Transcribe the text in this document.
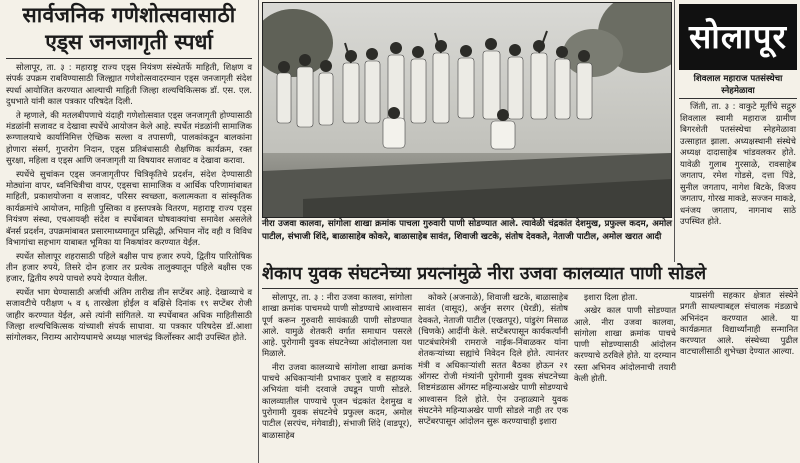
सार्वजनिक गणेशोत्सवासाठी
एड्स जनजागृती स्पर्धा

सोलापूर, ता. ३ : महाराष्ट्र राज्य एड्स नियंत्रण संस्थेतर्फे माहिती, शिक्षण व संपर्क उपक्रम राबविण्यासाठी जिल्ह्यात गणेशोत्सवादरम्यान एड्स जनजागृती संदेश स्पर्धा आयोजित करण्यात आल्याची माहिती जिल्हा शल्यचिकित्सक डॉ. एस. एल. दुधभाते यांनी काल पत्रकार परिषदेत दिली.

ते म्हणाले, की मतलबीपणाचे यंदाही गणेशोत्सवात एड्स जनजागृती होण्यासाठी मंडळांनी सजावट व देखावा स्पर्धेचे आयोजन केले आहे. स्पर्धेत मंडळांनी सामाजिक रूग्णालयाचे कार्यानिमित्त ऐच्छिक सल्ला व तपासणी, पालकांकडून बालकांना होणारा संसर्ग, गुप्तरोग निदान, एड्स प्रतिबंधासाठी शैक्षणिक कार्यक्रम, रक्त सुरक्षा, महिला व एड्स आणि जनजागृती या विषयावर सजावट व देखावा करावा.

स्पर्धेचे सुचांकन एड्स जनजागृतीपर चित्रिकृतिचे प्रदर्शन, संदेश देण्यासाठी मोठ्यांना वापर, ध्वनिचित्रीचा वापर, एड्सचा सामाजिक व आर्थिक परिणामांबाबत माहिती, प्रकाशयोजना व सजावट, परिसर स्वच्छता, कलात्मकता व सांस्कृतिक कार्यक्रमांचे आयोजन, माहिती पुस्तिका व हस्तपत्रके वितरण, महाराष्ट्र राज्य एड्स नियंत्रण संस्था, एचआयव्ही संदेश व स्पर्धेबाबत घोषवाक्यांचा समावेश असलेले बॅनर्स प्रदर्शन, उपक्रमांबाबत प्रसारमाध्यमातून प्रसिद्धी, अभियान नोंद वही व विविध विभागांचा सहभाग याबाबत भूमिका या निकषांवर करण्यात येईल.

स्पर्धेत सोलापूर शहरासाठी पहिले बक्षीस पाच हजार रुपये, द्वितीय पारितोषिक तीन हजार रुपये, तिसरे दोन हजार तर प्रत्येक तालुक्यातून पहिले बक्षीस एक हजार, द्वितीय रुपये पाचशे रुपये देण्यात येतील.

स्पर्धेत भाग घेण्यासाठी अर्जाची अंतिम तारीख तीन सप्टेंबर आहे. देखाव्याचे व सजावटीचे परीक्षण ५ व ६ तारखेला होईल व बक्षिसे दिनांक १९ सप्टेंबर रोजी जाहीर करण्यात येईल, असे त्यांनी सांगितले. या स्पर्धेबाबत अधिक माहितीसाठी जिल्हा शल्यचिकित्सक यांच्याशी संपर्क साधावा. या पत्रकार परिषदेस डॉ.आशा सांगोलकर, निराम्य आरोग्यधामचे अध्यक्ष भालचंद्र किर्लोस्कर आदी उपस्थित होते.

नीरा उजवा कालवा, सांगोला शाखा क्रमांक पाचला गुरुवारी पाणी सोडण्यात आले. त्यावेळी चंद्रकांत देशमुख, प्रफुल्ल कदम, अमोल पाटील, संभाजी शिंदे, बाळासाहेब कोकरे, बाळासाहेब सावंत, शिवाजी खटके, संतोष देवकते, नेताजी पाटील, अमोल खरात आदी
शेकाप युवक संघटनेच्या प्रयत्नांमुळे नीरा उजवा कालव्यात पाणी सोडले

सोलापूर, ता. ३ : नीरा उजवा कालवा, सांगोला शाखा क्रमांक पाचमध्ये पाणी सोडण्याचे आश्वासन पूर्ण करून गुरुवारी सायंकाळी पाणी सोडण्यात आले. यामुळे शेतकरी वर्गात समाधान पसरले आहे. पुरोगामी युवक संघटनेच्या आंदोलनाला यश मिळाले.

नीरा उजवा कालव्याचे सांगोला शाखा क्रमांक पाचचे अधिकार्‍यांनी प्रभाकर पुजारे व सहाय्यक अभियंता यांनी दरवाजे उघडून पाणी सोडले. कालव्यातील पाण्याचे पूजन चंद्रकांत देशमुख व पुरोगामी युवक संघटनेचे प्रफुल्ल कदम, अमोल पाटील (सरपंच, मंगेवाडी), संभाजी शिंदे (वाडपूर), बाळासाहेब

कोकरे (अजनाळे), शिवाजी खटके, बाळासाहेब सावंत (वासूद), अर्जुन सरगर (घेरडी), संतोष देवकते, नेताजी पाटील (एखतपूर), पांडुरंग मिसाळ (चिणके) आदींनी केले. सप्टेंबरपासून कार्यकर्त्यांनी पाटबंधारेमंत्री रामराजे नाईक-निंबाळकर यांना शेतकऱ्यांच्या सह्यांचे निवेदन दिले होते. त्यानंतर मंत्री व अधिकाऱ्यांशी सतत बैठका होऊन २१ ऑगस्ट रोजी मंत्र्यांनी पुरोगामी युवक संघटनेच्या शिष्टमंडळास ऑगस्ट महिन्याअखेर पाणी सोडण्याचे आश्वासन दिले होते. ऐन उन्हाळ्याने युवक संघटनेने महिन्याअखेर पाणी सोडले नाही तर एक सप्टेंबरपासून आंदोलन सुरू करण्याचाही इशारा

इशारा दिला होता.

अखेर काल पाणी सोडण्यात आले. नीरा उजवा कालवा, सांगोला शाखा क्रमांक पाचचे पाणी सोडण्यासाठी आंदोलन करण्याचे ठरविले होते. या दरम्यान रस्ता अभिनव आंदोलनाची तयारी केली होती.

सोलापूर
शिवलाल महाराज पतसंस्थेचा स्नेहमेळावा

जिंती, ता. ३ : वाकुटे मूर्तीचे सद्गुरु शिवलाल स्वामी महाराज ग्रामीण बिगरशेती पतसंस्थेचा स्नेहमेळावा उत्साहात झाला. अध्यक्षस्थानी संस्थेचे अध्यक्ष दादासाहेब भांडवलकर होते. यावेळी गुलाब गुरसाळे, रावसाहेब जगताप, रमेश गोडसे, दत्ता पिंडे, सुनील जगताप, नागेश बिटके, विजय जगताप, गोरख माकडे, सज्जन माकडे, धनंजय जगताप, नागनाथ साठे उपस्थित होते.

याप्रसंगी सहकार क्षेत्रात संस्थेने प्रगती साधल्याबद्दल संचालक मंडळाचे अभिनंदन करण्यात आले. या कार्यक्रमात विद्यार्थ्यांनाही सन्मानित करण्यात आले. संस्थेच्या पुढील वाटचालीसाठी शुभेच्छा देण्यात आल्या.
